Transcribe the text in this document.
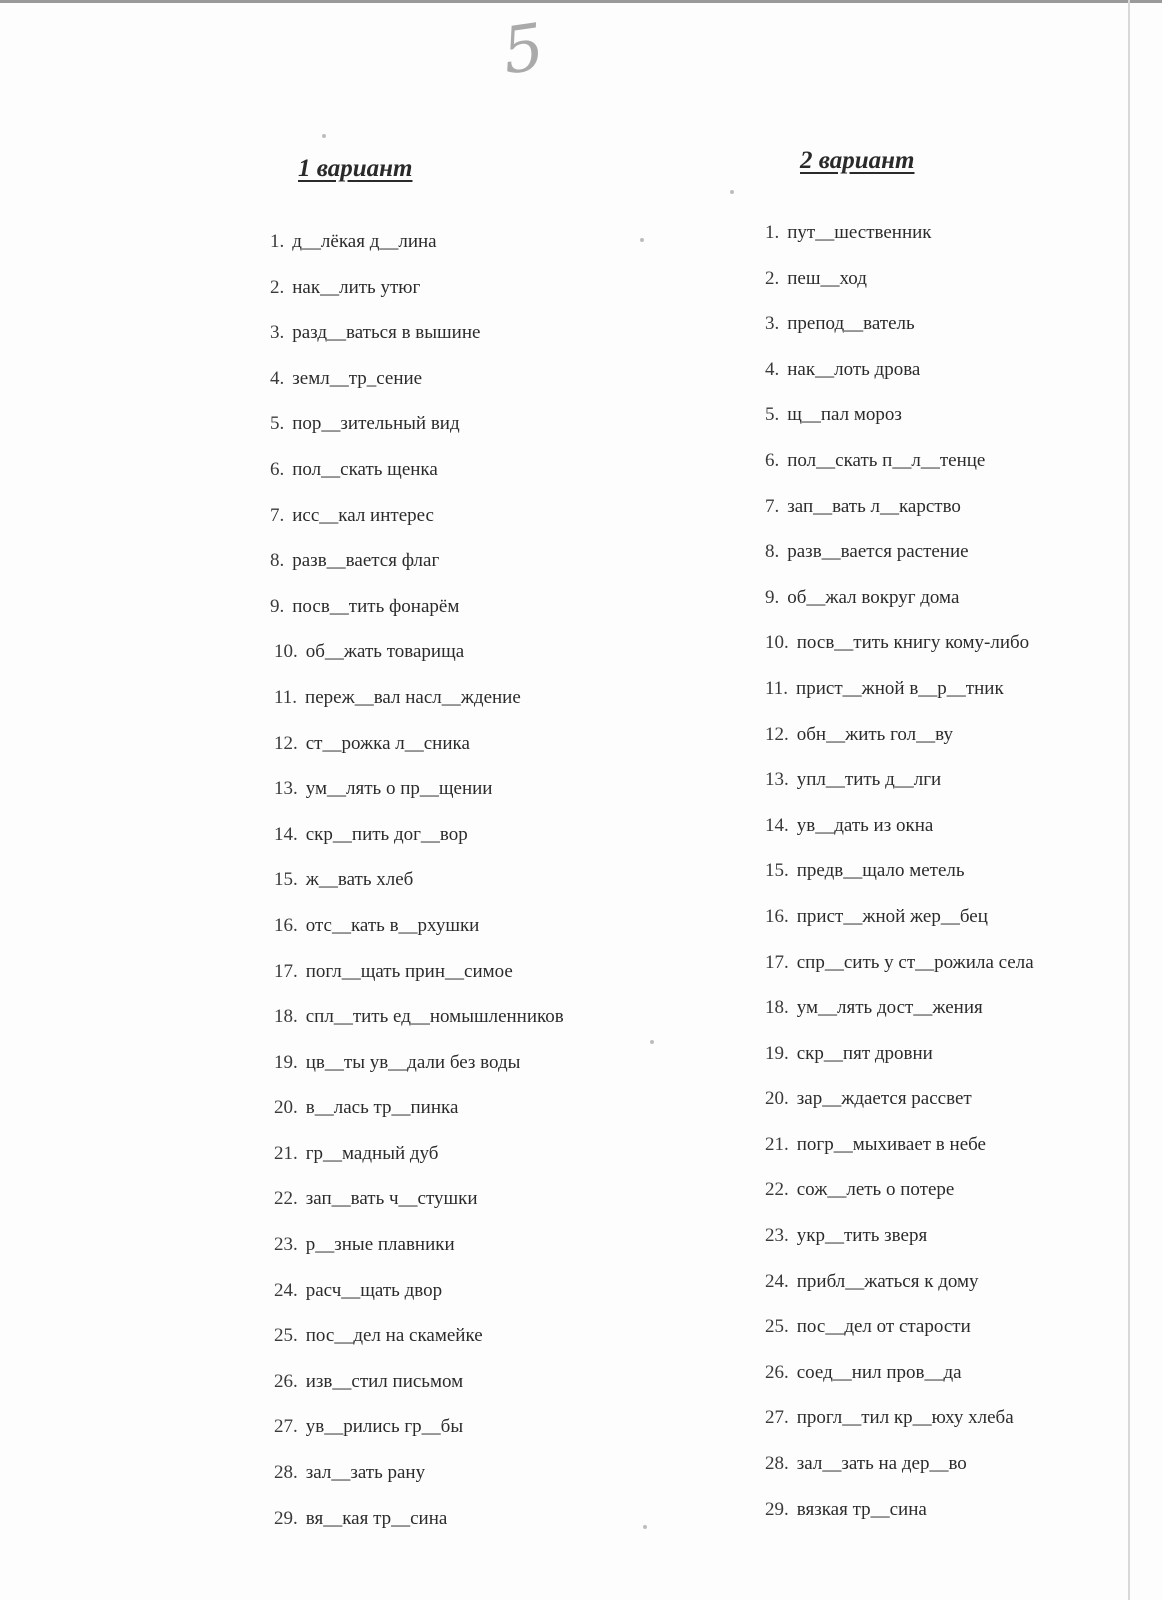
5
1 вариант
1. д__лёкая д__лина
2. нак__лить утюг
3. разд__ваться в вышине
4. земл__тр_сение
5. пор__зительный вид
6. пол__скать щенка
7. исс__кал интерес
8. разв__вается флаг
9. посв__тить фонарём
10. об__жать товарища
11. переж__вал насл__ждение
12. ст__рожка л__сника
13. ум__лять о пр__щении
14. скр__пить дог__вор
15. ж__вать хлеб
16. отс__кать в__рхушки
17. погл__щать прин__симое
18. спл__тить ед__номышленников
19. цв__ты ув__дали без воды
20. в__лась тр__пинка
21. гр__мадный дуб
22. зап__вать ч__стушки
23. р__зные плавники
24. расч__щать двор
25. пос__дел на скамейке
26. изв__стил письмом
27. ув__рились гр__бы
28. зал__зать рану
29. вя__кая тр__сина
2 вариант
1. пут__шественник
2. пеш__ход
3. препод__ватель
4. нак__лоть дрова
5. щ__пал мороз
6. пол__скать п__л__тенце
7. зап__вать л__карство
8. разв__вается растение
9. об__жал вокруг дома
10. посв__тить книгу кому-либо
11. прист__жной в__р__тник
12. обн__жить гол__ву
13. упл__тить д__лги
14. ув__дать из окна
15. предв__щало метель
16. прист__жной жер__бец
17. спр__сить у ст__рожила села
18. ум__лять дост__жения
19. скр__пят дровни
20. зар__ждается рассвет
21. погр__мыхивает в небе
22. сож__леть о потере
23. укр__тить зверя
24. прибл__жаться к дому
25. пос__дел от старости
26. соед__нил пров__да
27. прогл__тил кр__юху хлеба
28. зал__зать на дер__во
29. вязкая тр__сина
